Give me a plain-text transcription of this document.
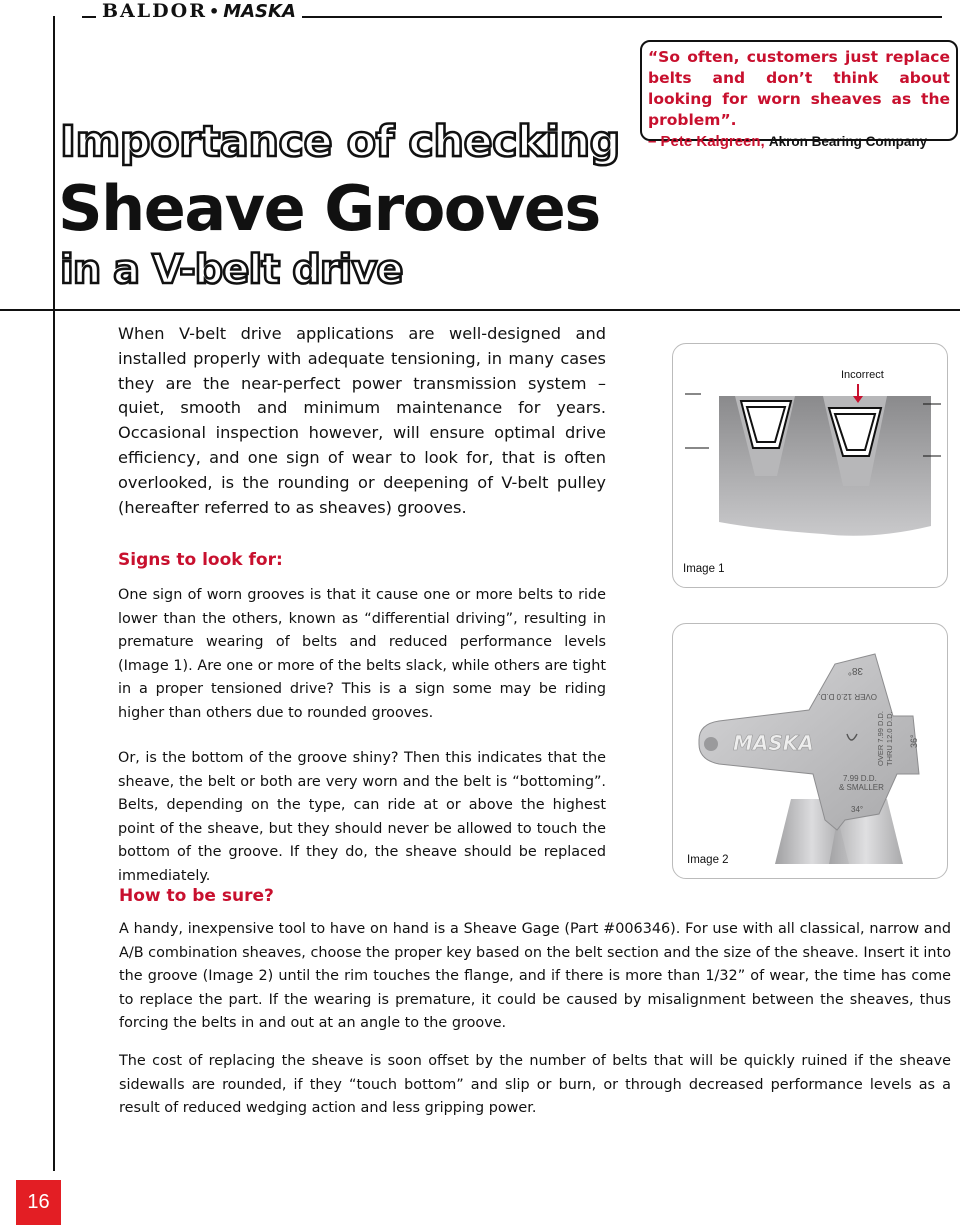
BALDOR • MASKA
“So often, customers just replace belts and don’t think about looking for worn sheaves as the problem”.
– Pete Kalgreen, Akron Bearing Company
Importance of checking
Sheave Grooves
in a V-belt drive

When V-belt drive applications are well-designed and installed properly with adequate tensioning, in many cases they are the near-perfect power transmission system – quiet, smooth and minimum maintenance for years. Occasional inspection however, will ensure optimal drive efficiency, and one sign of wear to look for, that is often overlooked, is the rounding or deepening of V-belt pulley (hereafter referred to as sheaves) grooves.

Signs to look for:

One sign of worn grooves is that it cause one or more belts to ride lower than the others, known as “differential driving”, resulting in premature wearing of belts and reduced performance levels (Image 1). Are one or more of the belts slack, while others are tight in a proper tensioned drive? This is a sign some may be riding higher than others due to rounded grooves.

Or, is the bottom of the groove shiny? Then this indicates that the sheave, the belt or both are very worn and the belt is “bottoming”. Belts, depending on the type, can ride at or above the highest point of the sheave, but they should never be allowed to touch the bottom of the groove. If they do, the sheave should be replaced immediately.

How to be sure?

A handy, inexpensive tool to have on hand is a Sheave Gage (Part #006346). For use with all classical, narrow and A/B combination sheaves, choose the proper key based on the belt section and the size of the sheave. Insert it into the groove (Image 2) until the rim touches the flange, and if there is more than 1/32” of wear, the time has come to replace the part. If the wearing is premature, it could be caused by misalignment between the sheaves, thus forcing the belts in and out at an angle to the groove.

The cost of replacing the sheave is soon offset by the number of belts that will be quickly ruined if the sheave sidewalls are rounded, if they “touch bottom” and slip or burn, or through decreased performance levels as a result of reduced wedging action and less gripping power.

Incorrect
Image 1
MASKA
38°
OVER 12.0 D.D.
OVER 7.99 D.D. THRU 12.0 D.D. 36°
7.99 D.D.
& SMALLER
34°
Image 2
16
